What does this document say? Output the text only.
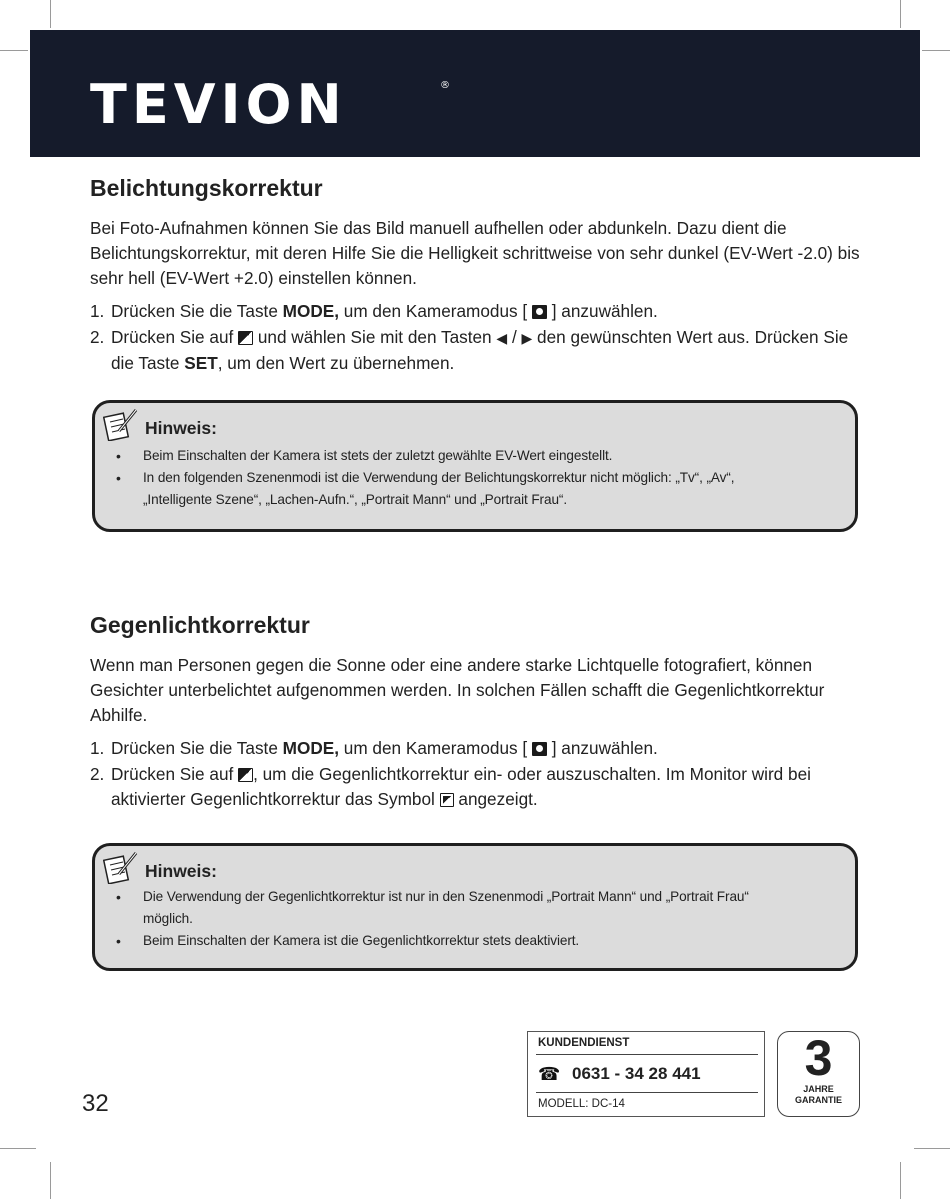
TEVION	®
Belichtungskorrektur

Bei Foto-Aufnahmen können Sie das Bild manuell aufhellen oder abdunkeln. Dazu dient die Belichtungskorrektur, mit deren Hilfe Sie die Helligkeit schrittweise von sehr dunkel (EV-Wert -2.0) bis sehr hell (EV-Wert +2.0) einstellen können.

1. Drücken Sie die Taste MODE, um den Kameramodus [  ] anzuwählen.
2. Drücken Sie auf  und wählen Sie mit den Tasten ◀ / ▶ den gewünschten Wert aus. Drücken Sie die Taste SET, um den Wert zu übernehmen.
Hinweis:
• Beim Einschalten der Kamera ist stets der zuletzt gewählte EV-Wert eingestellt.
• In den folgenden Szenenmodi ist die Verwendung der Belichtungskorrektur nicht möglich: „Tv“, „Av“, „Intelligente Szene“, „Lachen-Aufn.“, „Portrait Mann“ und „Portrait Frau“.
Gegenlichtkorrektur

Wenn man Personen gegen die Sonne oder eine andere starke Lichtquelle fotografiert, können Gesichter unterbelichtet aufgenommen werden. In solchen Fällen schafft die Gegenlichtkorrektur Abhilfe.

1. Drücken Sie die Taste MODE, um den Kameramodus [  ] anzuwählen.
2. Drücken Sie auf , um die Gegenlichtkorrektur ein- oder auszuschalten. Im Monitor wird bei aktivierter Gegenlichtkorrektur das Symbol  angezeigt.
Hinweis:
• Die Verwendung der Gegenlichtkorrektur ist nur in den Szenenmodi „Portrait Mann“ und „Portrait Frau“ möglich.
• Beim Einschalten der Kamera ist die Gegenlichtkorrektur stets deaktiviert.
32
KUNDENDIENST
☎ 0631 - 34 28 441
MODELL: DC-14
3
JAHRE
GARANTIE
